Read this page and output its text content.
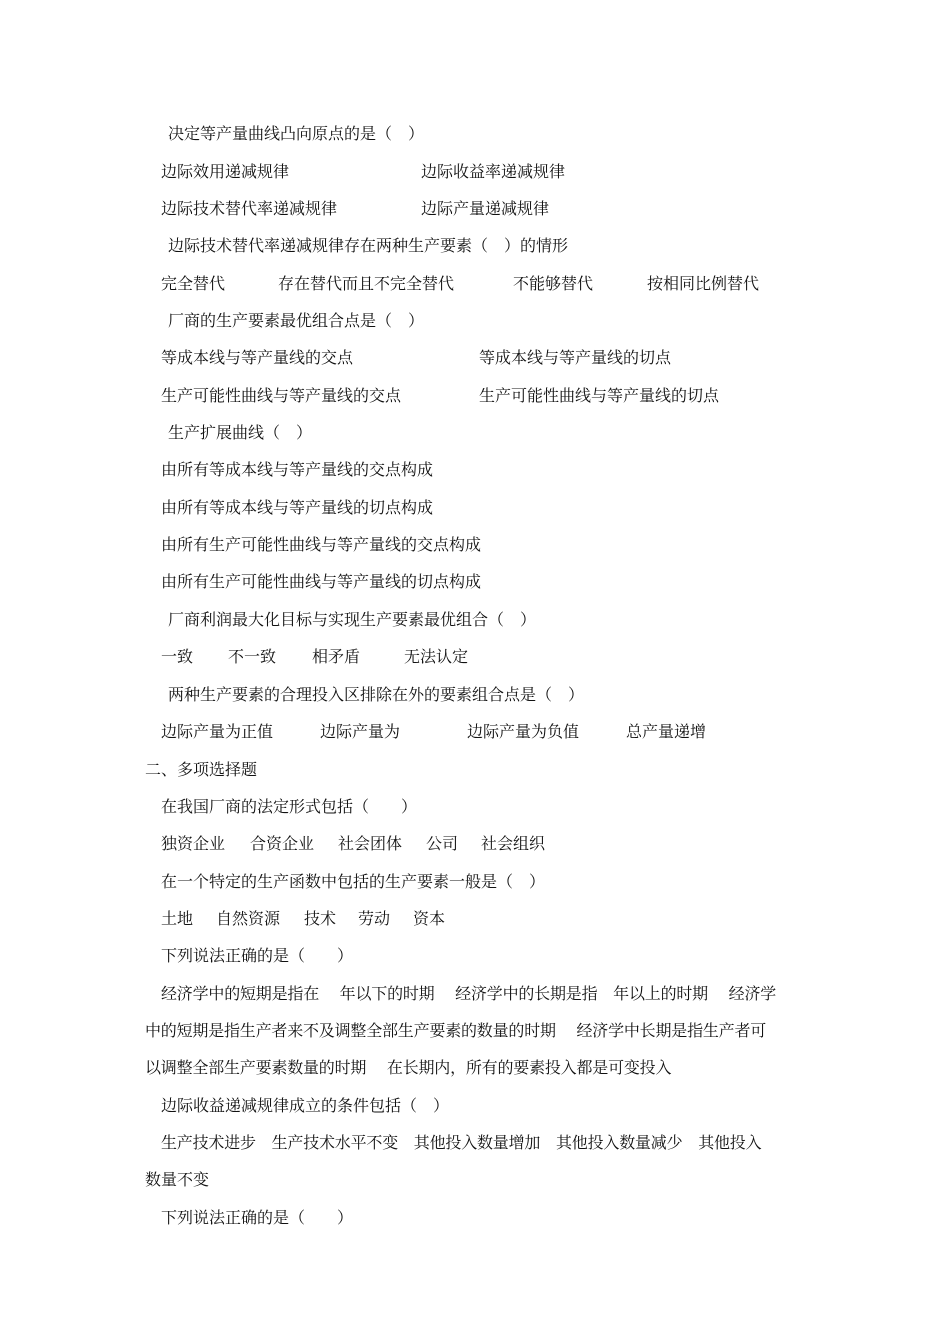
决定等产量曲线凸向原点的是（　）
边际效用递减规律	边际收益率递减规律
边际技术替代率递减规律	边际产量递减规律
边际技术替代率递减规律存在两种生产要素（　）的情形
完全替代	存在替代而且不完全替代	不能够替代	按相同比例替代
厂商的生产要素最优组合点是（　）
等成本线与等产量线的交点	等成本线与等产量线的切点
生产可能性曲线与等产量线的交点	生产可能性曲线与等产量线的切点
生产扩展曲线（　）
由所有等成本线与等产量线的交点构成
由所有等成本线与等产量线的切点构成
由所有生产可能性曲线与等产量线的交点构成
由所有生产可能性曲线与等产量线的切点构成
厂商利润最大化目标与实现生产要素最优组合（　）
一致 不一致 相矛盾	无法认定
两种生产要素的合理投入区排除在外的要素组合点是（　）
边际产量为正值	边际产量为	边际产量为负值	总产量递增
二、多项选择题
在我国厂商的法定形式包括（　　）
独资企业 合资企业 社会团体 公司 社会组织
在一个特定的生产函数中包括的生产要素一般是（　）
土地 自然资源 技术 劳动 资本
下列说法正确的是（　　）
经济学中的短期是指在　 年以下的时期　 经济学中的长期是指　年以上的时期　 经济学
中的短期是指生产者来不及调整全部生产要素的数量的时期　 经济学中长期是指生产者可
以调整全部生产要素数量的时期　 在长期内，所有的要素投入都是可变投入
边际收益递减规律成立的条件包括（　）
生产技术进步　生产技术水平不变　其他投入数量增加　其他投入数量减少　其他投入
数量不变
下列说法正确的是（　　）
